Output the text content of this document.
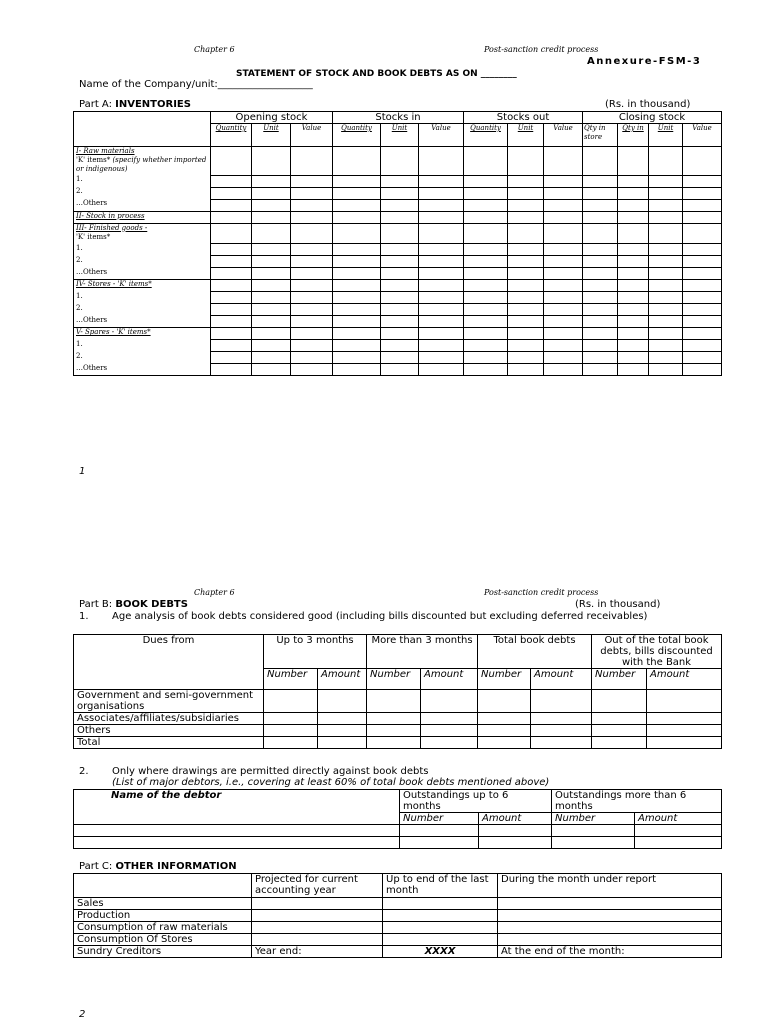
Chapter 6	Post-sanction credit process
Annexure-FSM-3
STATEMENT OF STOCK AND BOOK DEBTS AS ON ________
Name of the Company/unit:___________________
Part A: INVENTORIES	(Rs. in thousand)
	Opening stock			Stocks in			Stocks out			Closing stock			
	Quantity	Unit	Value	Quantity	Unit	Value	Quantity	Unit	Value	Qty in store	Qty in	Unit	Value
I- Raw materials
'K' items* (specify whether imported or indigenous)													
1.													
2.													
…Others													
II- Stock in process													
III- Finished goods -
'K' items*													
1.													
2.													
…Others													
IV- Stores - 'K' items*													
1.													
2.													
…Others													
V- Spares - 'K' items*													
1.													
2.													
…Others													
1
Chapter 6	Post-sanction credit process
Part B: BOOK DEBTS	(Rs. in thousand)
1. Age analysis of book debts considered good (including bills discounted but excluding deferred receivables)
Dues from	Up to 3 months		More than 3 months		Total book debts		Out of the total book debts, bills discounted with the Bank	
	Number	Amount	Number	Amount	Number	Amount	Number	Amount
Government and semi-government organisations								
Associates/affiliates/subsidiaries								
Others								
Total								
2. Only where drawings are permitted directly against book debts
(List of major debtors, i.e., covering at least 60% of total book debts mentioned above)
Name of the debtor	Outstandings up to 6 months		Outstandings more than 6 months	
	Number	Amount	Number	Amount

Part C: OTHER INFORMATION
	Projected for current accounting year	Up to end of the last month	During the month under report
Sales			
Production			
Consumption of raw materials			
Consumption Of Stores			
Sundry Creditors	Year end:	XXXX	At the end of the month:
2
